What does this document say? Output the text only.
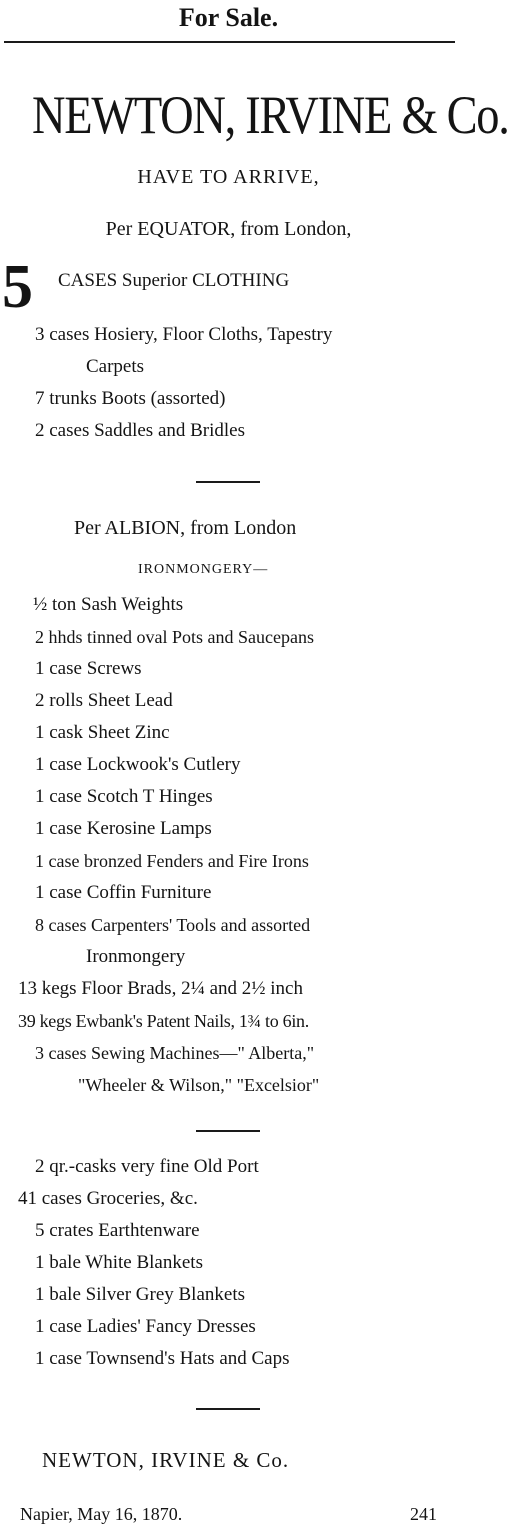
For Sale.
NEWTON, IRVINE & Co.
HAVE TO ARRIVE,
Per EQUATOR, from London,
5 CASES Superior CLOTHING
3 cases Hosiery, Floor Cloths, Tapestry
Carpets
7 trunks Boots (assorted)
2 cases Saddles and Bridles
Per ALBION, from London
IRONMONGERY—
½ ton Sash Weights
2 hhds tinned oval Pots and Saucepans
1 case Screws
2 rolls Sheet Lead
1 cask Sheet Zinc
1 case Lockwook's Cutlery
1 case Scotch T Hinges
1 case Kerosine Lamps
1 case bronzed Fenders and Fire Irons
1 case Coffin Furniture
8 cases Carpenters' Tools and assorted
Ironmongery
13 kegs Floor Brads, 2¼ and 2½ inch
39 kegs Ewbank's Patent Nails, 1¾ to 6in.
3 cases Sewing Machines—" Alberta,"
"Wheeler & Wilson," "Excelsior"
2 qr.-casks very fine Old Port
41 cases Groceries, &c.
5 crates Earthtenware
1 bale White Blankets
1 bale Silver Grey Blankets
1 case Ladies' Fancy Dresses
1 case Townsend's Hats and Caps
NEWTON, IRVINE & Co.
Napier, May 16, 1870.	241
